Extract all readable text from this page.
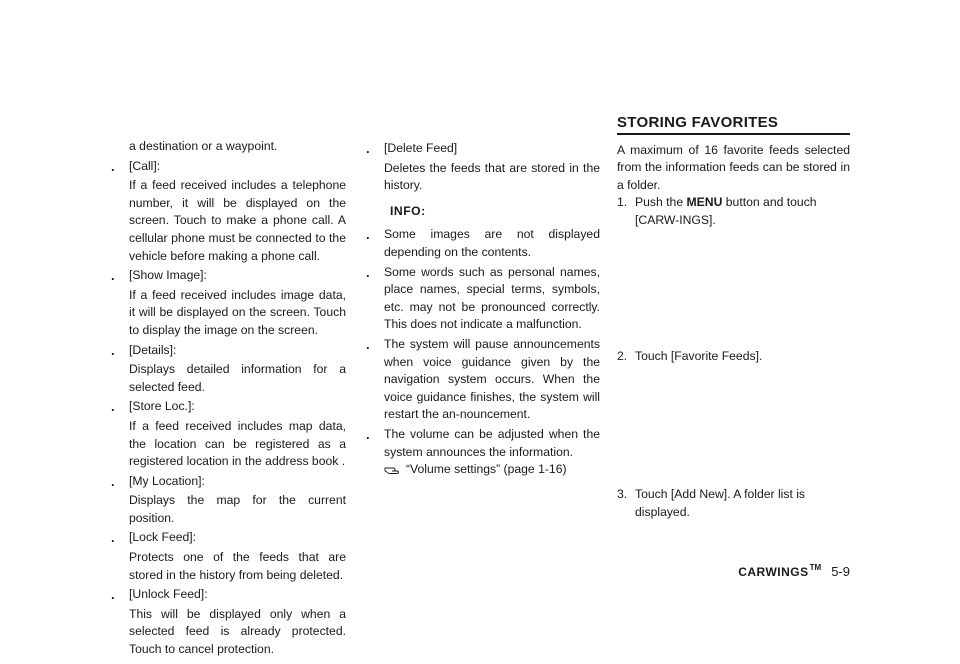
a destination or a waypoint.

.	[Call]:

If a feed received includes a telephone number, it will be displayed on the screen. Touch to make a phone call. A cellular phone must be connected to the vehicle before making a phone call.

.	[Show Image]:

If a feed received includes image data, it will be displayed on the screen. Touch to display the image on the screen.

.	[Details]:

Displays detailed information for a selected feed.

.	[Store Loc.]:

If a feed received includes map data, the location can be registered as a registered location in the address book .

.	[My Location]:

Displays the map for the current position.

.	[Lock Feed]:

Protects one of the feeds that are stored in the history from being deleted.

.	[Unlock Feed]:

This will be displayed only when a selected feed is already protected. Touch to cancel protection.

.	[Delete Feed]

Deletes the feeds that are stored in the history.

INFO:

.	Some images are not displayed depending on the contents.
.	Some words such as personal names, place names, special terms, symbols, etc. may not be pronounced correctly. This does not indicate a malfunction.
.	The system will pause announcements when voice guidance given by the navigation system occurs. When the voice guidance finishes, the system will restart the an-nouncement.
.	The volume can be adjusted when the system announces the information.
“Volume settings” (page 1-16)
STORING FAVORITES

A maximum of 16 favorite feeds selected from the information feeds can be stored in a folder.

1. Push the MENU button and touch [CARW-INGS].
2. Touch [Favorite Feeds].
3. Touch [Add New]. A folder list is displayed.
CARWINGS TM 5-9
